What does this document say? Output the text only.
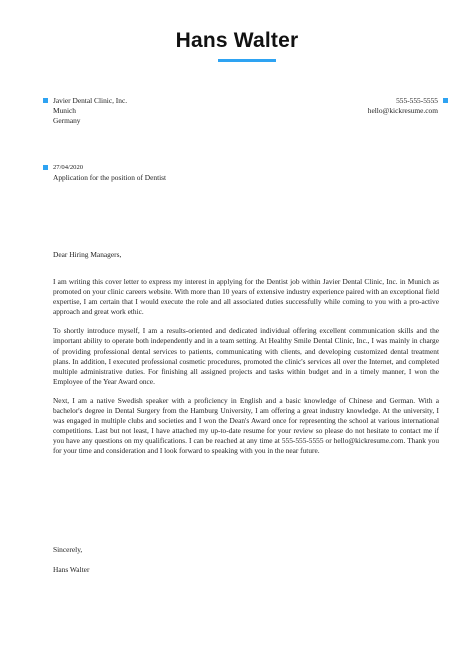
Hans Walter
Javier Dental Clinic, Inc.
Munich
Germany
555-555-5555
hello@kickresume.com
27/04/2020
Application for the position of Dentist
Dear Hiring Managers,

I am writing this cover letter to express my interest in applying for the Dentist job within Javier Dental Clinic, Inc. in Munich as promoted on your clinic careers website. With more than 10 years of extensive industry experience paired with an exceptional field expertise, I am certain that I would execute the role and all associated duties successfully while coming to you with a pro-active approach and great work ethic.

To shortly introduce myself, I am a results-oriented and dedicated individual offering excellent communication skills and the important ability to operate both independently and in a team setting. At Healthy Smile Dental Clinic, Inc., I was mainly in charge of providing professional dental services to patients, communicating with clients, and developing customized dental treatment plans. In addition, I executed professional cosmetic procedures, promoted the clinic's services all over the Internet, and completed multiple administrative duties. For finishing all assigned projects and tasks within budget and in a timely manner, I won the Employee of the Year Award once.

Next, I am a native Swedish speaker with a proficiency in English and a basic knowledge of Chinese and German. With a bachelor's degree in Dental Surgery from the Hamburg University, I am offering a great industry knowledge. At the university, I was engaged in multiple clubs and societies and I won the Dean's Award once for representing the school at various international competitions. Last but not least, I have attached my up-to-date resume for your review so please do not hesitate to contact me if you have any questions on my qualifications. I can be reached at any time at 555-555-5555 or hello@kickresume.com. Thank you for your time and consideration and I look forward to speaking with you in the near future.

Sincerely,
Hans Walter
